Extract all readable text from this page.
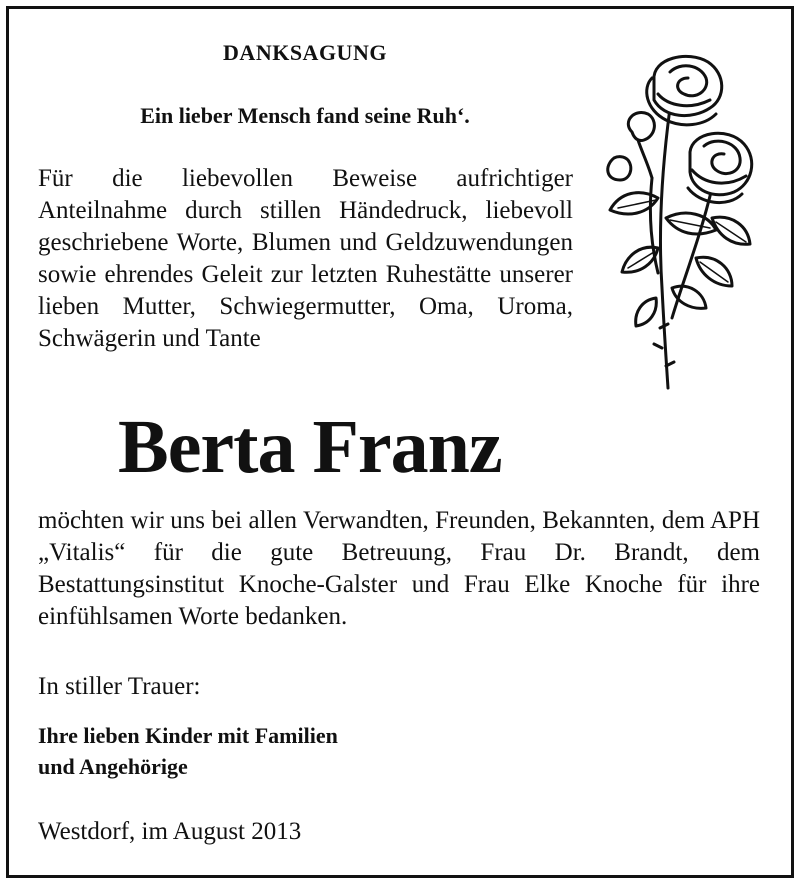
DANKSAGUNG
Ein lieber Mensch fand seine Ruh‘.

Für die liebevollen Beweise aufrichtiger Anteilnahme durch stillen Händedruck, liebevoll geschriebene Worte, Blumen und Geldzuwendungen sowie ehrendes Geleit zur letzten Ruhestätte unserer lieben Mutter, Schwiegermutter, Oma, Uroma, Schwägerin und Tante

Berta Franz

möchten wir uns bei allen Verwandten, Freunden, Bekannten, dem APH „Vitalis“ für die gute Betreuung, Frau Dr. Brandt, dem Bestattungsinstitut Knoche-Galster und Frau Elke Knoche für ihre einfühlsamen Worte bedanken.

In stiller Trauer:

Ihre lieben Kinder mit Familien
und Angehörige

Westdorf, im August 2013
